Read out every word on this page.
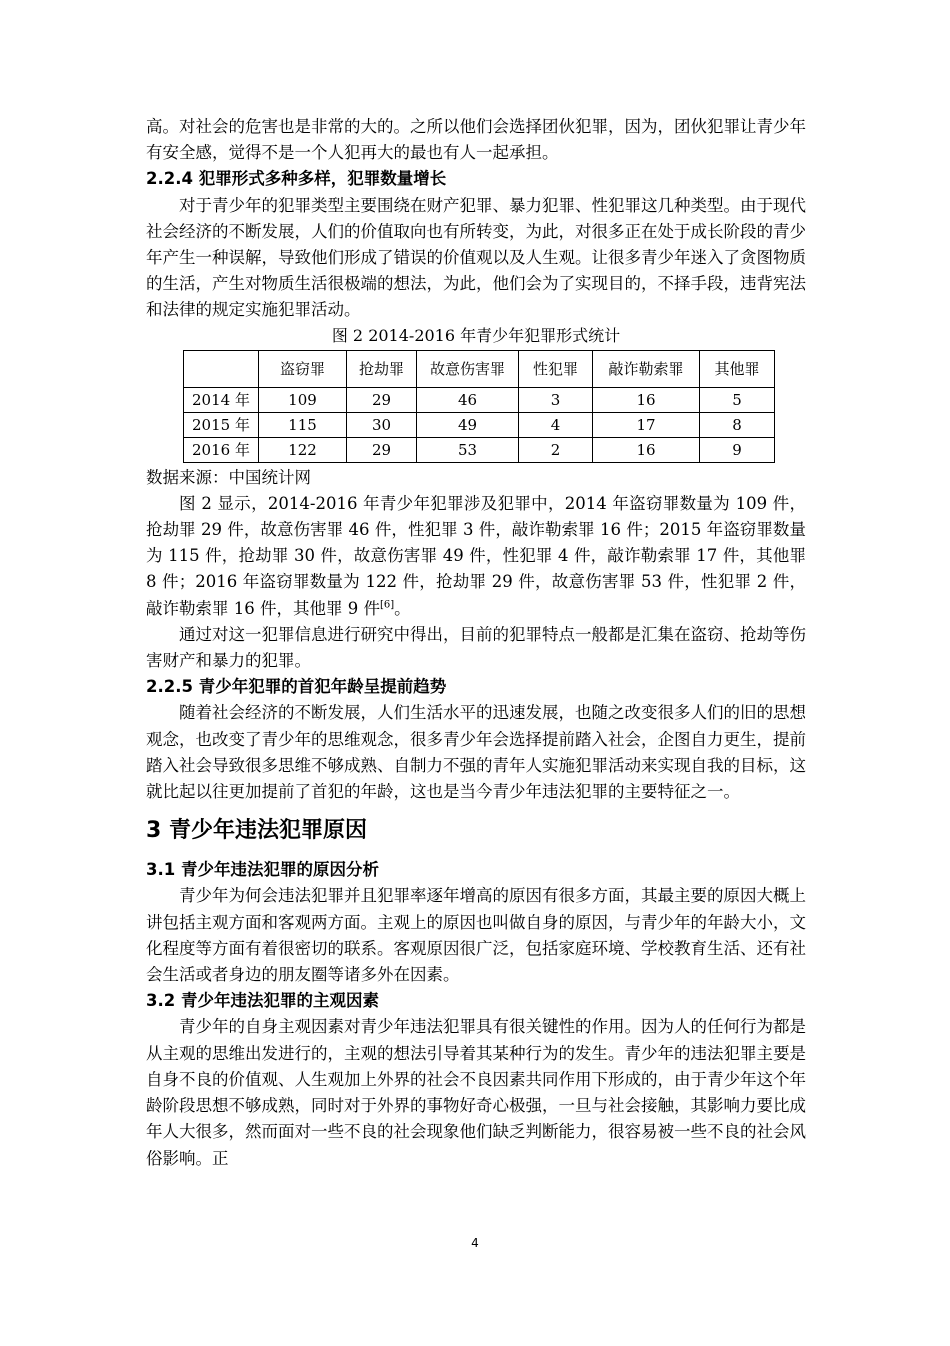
高。对社会的危害也是非常的大的。之所以他们会选择团伙犯罪，因为，团伙犯罪让青少年有安全感，觉得不是一个人犯再大的最也有人一起承担。

2.2.4 犯罪形式多种多样，犯罪数量增长

对于青少年的犯罪类型主要围绕在财产犯罪、暴力犯罪、性犯罪这几种类型。由于现代社会经济的不断发展，人们的价值取向也有所转变，为此，对很多正在处于成长阶段的青少年产生一种误解，导致他们形成了错误的价值观以及人生观。让很多青少年迷入了贪图物质的生活，产生对物质生活很极端的想法，为此，他们会为了实现目的，不择手段，违背宪法和法律的规定实施犯罪活动。

图 2 2014-2016 年青少年犯罪形式统计
	盗窃罪	抢劫罪	故意伤害罪	性犯罪	敲诈勒索罪	其他罪
2014 年	109	29	46	3	16	5
2015 年	115	30	49	4	17	8
2016 年	122	29	53	2	16	9

数据来源：中国统计网

图 2 显示，2014-2016 年青少年犯罪涉及犯罪中，2014 年盗窃罪数量为 109 件，抢劫罪 29 件，故意伤害罪 46 件，性犯罪 3 件，敲诈勒索罪 16 件；2015 年盗窃罪数量为 115 件，抢劫罪 30 件，故意伤害罪 49 件，性犯罪 4 件，敲诈勒索罪 17 件，其他罪 8 件；2016 年盗窃罪数量为 122 件，抢劫罪 29 件，故意伤害罪 53 件，性犯罪 2 件，敲诈勒索罪 16 件，其他罪 9 件[6]。

通过对这一犯罪信息进行研究中得出，目前的犯罪特点一般都是汇集在盗窃、抢劫等伤害财产和暴力的犯罪。

2.2.5 青少年犯罪的首犯年龄呈提前趋势

随着社会经济的不断发展，人们生活水平的迅速发展，也随之改变很多人们的旧的思想观念，也改变了青少年的思维观念，很多青少年会选择提前踏入社会，企图自力更生，提前踏入社会导致很多思维不够成熟、自制力不强的青年人实施犯罪活动来实现自我的目标，这就比起以往更加提前了首犯的年龄，这也是当今青少年违法犯罪的主要特征之一。

3 青少年违法犯罪原因
3.1 青少年违法犯罪的原因分析

青少年为何会违法犯罪并且犯罪率逐年增高的原因有很多方面，其最主要的原因大概上讲包括主观方面和客观两方面。主观上的原因也叫做自身的原因，与青少年的年龄大小，文化程度等方面有着很密切的联系。客观原因很广泛，包括家庭环境、学校教育生活、还有社会生活或者身边的朋友圈等诸多外在因素。

3.2 青少年违法犯罪的主观因素

青少年的自身主观因素对青少年违法犯罪具有很关键性的作用。因为人的任何行为都是从主观的思维出发进行的，主观的想法引导着其某种行为的发生。青少年的违法犯罪主要是自身不良的价值观、人生观加上外界的社会不良因素共同作用下形成的，由于青少年这个年龄阶段思想不够成熟，同时对于外界的事物好奇心极强，一旦与社会接触，其影响力要比成年人大很多，然而面对一些不良的社会现象他们缺乏判断能力，很容易被一些不良的社会风俗影响。正

4
